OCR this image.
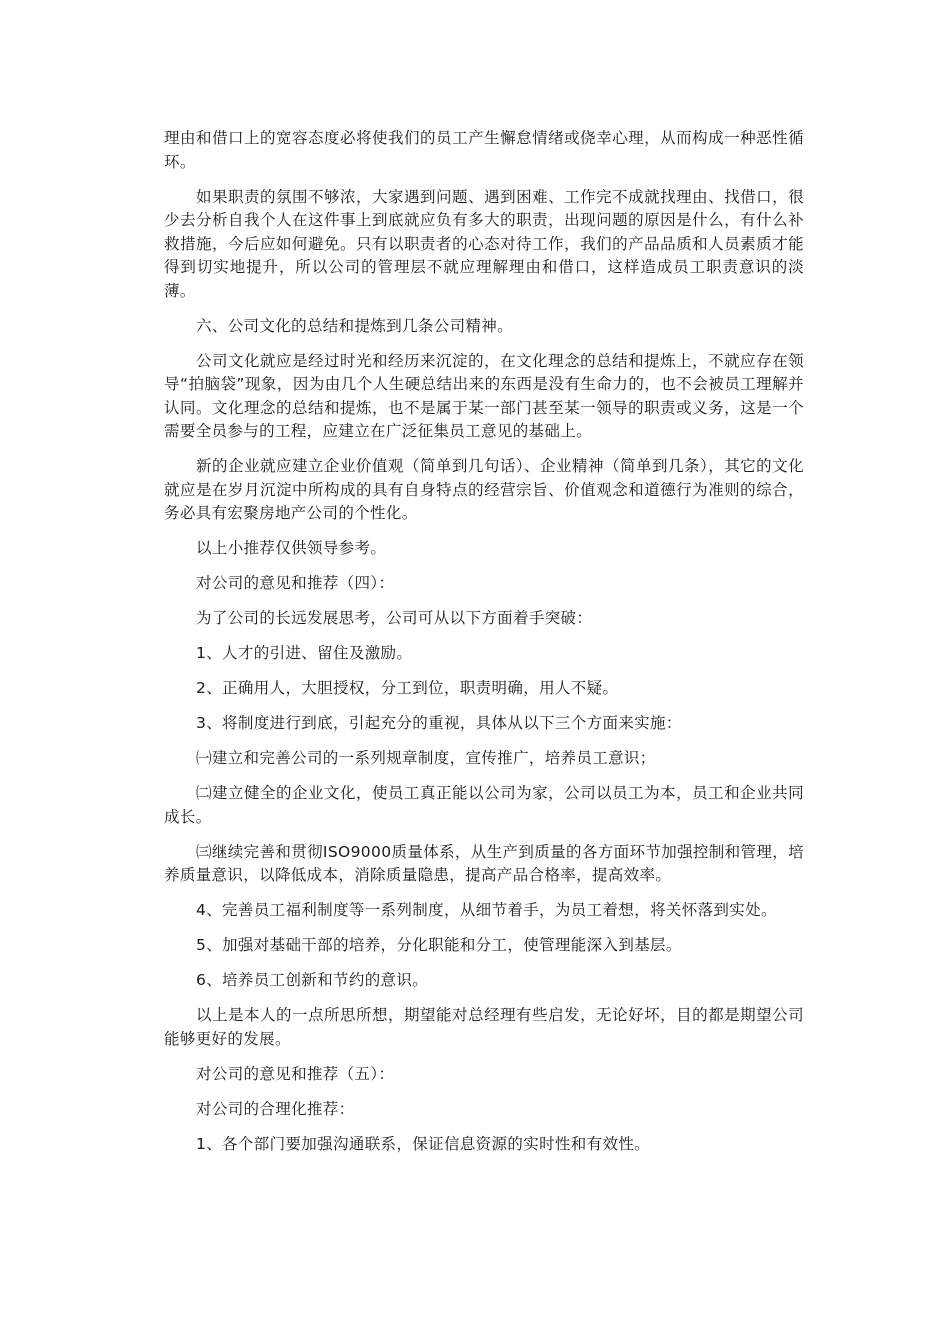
理由和借口上的宽容态度必将使我们的员工产生懈怠情绪或侥幸心理，从而构成一种恶性循环。

如果职责的氛围不够浓，大家遇到问题、遇到困难、工作完不成就找理由、找借口，很少去分析自我个人在这件事上到底就应负有多大的职责，出现问题的原因是什么，有什么补救措施，今后应如何避免。只有以职责者的心态对待工作，我们的产品品质和人员素质才能得到切实地提升，所以公司的管理层不就应理解理由和借口，这样造成员工职责意识的淡薄。

六、公司文化的总结和提炼到几条公司精神。

公司文化就应是经过时光和经历来沉淀的，在文化理念的总结和提炼上，不就应存在领导“拍脑袋”现象，因为由几个人生硬总结出来的东西是没有生命力的，也不会被员工理解并认同。文化理念的总结和提炼，也不是属于某一部门甚至某一领导的职责或义务，这是一个需要全员参与的工程，应建立在广泛征集员工意见的基础上。

新的企业就应建立企业价值观（简单到几句话）、企业精神（简单到几条），其它的文化就应是在岁月沉淀中所构成的具有自身特点的经营宗旨、价值观念和道德行为准则的综合，务必具有宏聚房地产公司的个性化。

以上小推荐仅供领导参考。

对公司的意见和推荐（四）：

为了公司的长远发展思考，公司可从以下方面着手突破：

1、人才的引进、留住及激励。

2、正确用人，大胆授权，分工到位，职责明确，用人不疑。

3、将制度进行到底，引起充分的重视，具体从以下三个方面来实施：

㈠建立和完善公司的一系列规章制度，宣传推广，培养员工意识；

㈡建立健全的企业文化，使员工真正能以公司为家，公司以员工为本，员工和企业共同成长。

㈢继续完善和贯彻ISO9000质量体系，从生产到质量的各方面环节加强控制和管理，培养质量意识，以降低成本，消除质量隐患，提高产品合格率，提高效率。

4、完善员工福利制度等一系列制度，从细节着手，为员工着想，将关怀落到实处。

5、加强对基础干部的培养，分化职能和分工，使管理能深入到基层。

6、培养员工创新和节约的意识。

以上是本人的一点所思所想，期望能对总经理有些启发，无论好坏，目的都是期望公司能够更好的发展。

对公司的意见和推荐（五）：

对公司的合理化推荐：

1、各个部门要加强沟通联系，保证信息资源的实时性和有效性。
